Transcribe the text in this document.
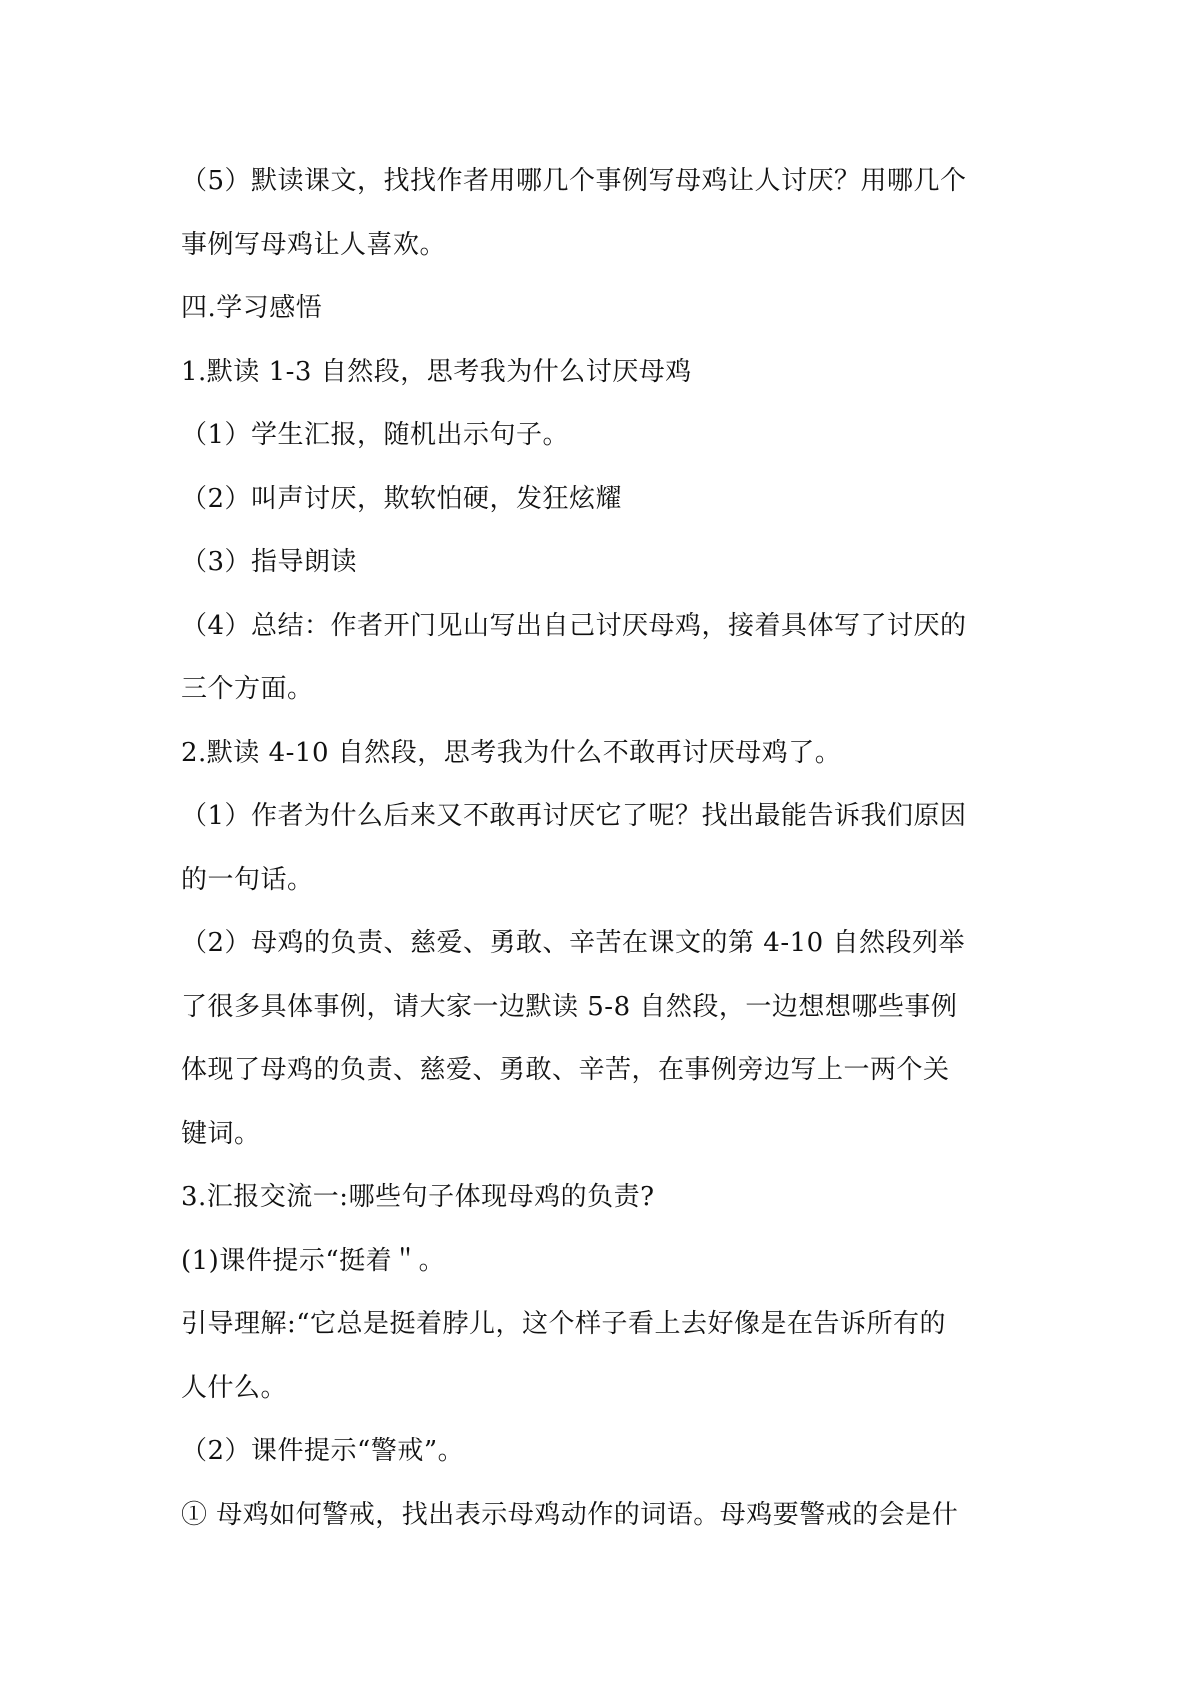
（5）默读课文，找找作者用哪几个事例写母鸡让人讨厌？用哪几个
事例写母鸡让人喜欢。
四.学习感悟
1.默读 1-3 自然段，思考我为什么讨厌母鸡
（1）学生汇报，随机出示句子。
（2）叫声讨厌，欺软怕硬，发狂炫耀
（3）指导朗读
（4）总结：作者开门见山写出自己讨厌母鸡，接着具体写了讨厌的
三个方面。
2.默读 4-10 自然段，思考我为什么不敢再讨厌母鸡了。
（1）作者为什么后来又不敢再讨厌它了呢？找出最能告诉我们原因
的一句话。
（2）母鸡的负责、慈爱、勇敢、辛苦在课文的第 4-10 自然段列举
了很多具体事例，请大家一边默读 5-8 自然段，一边想想哪些事例
体现了母鸡的负责、慈爱、勇敢、辛苦，在事例旁边写上一两个关
键词。
3.汇报交流一:哪些句子体现母鸡的负责?
(1)课件提示“挺着＂。
引导理解:“它总是挺着脖儿，这个样子看上去好像是在告诉所有的
人什么。
（2）课件提示“警戒”。
① 母鸡如何警戒，找出表示母鸡动作的词语。母鸡要警戒的会是什
